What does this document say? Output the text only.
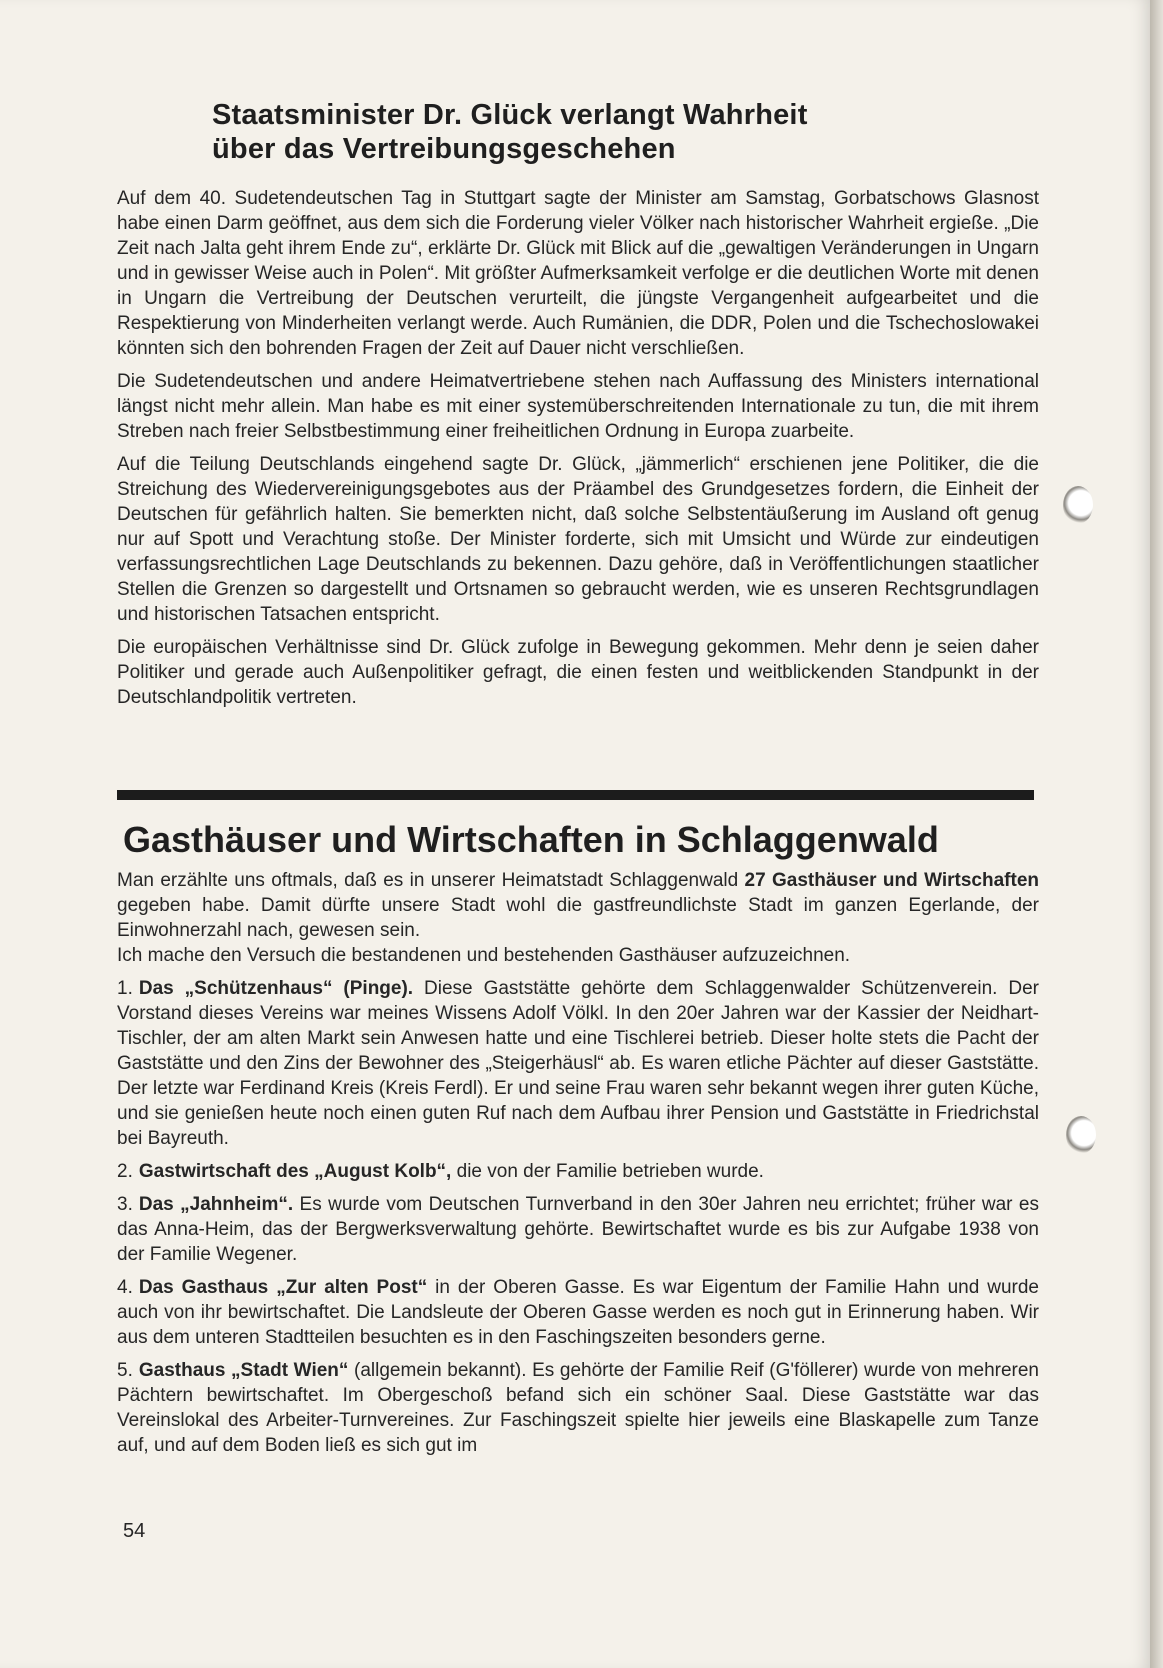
Staatsminister Dr. Glück verlangt Wahrheit
über das Vertreibungsgeschehen

Auf dem 40. Sudetendeutschen Tag in Stuttgart sagte der Minister am Samstag, Gorbatschows Glasnost habe einen Darm geöffnet, aus dem sich die Forderung vieler Völker nach historischer Wahrheit ergieße. „Die Zeit nach Jalta geht ihrem Ende zu“, erklärte Dr. Glück mit Blick auf die „gewaltigen Veränderungen in Ungarn und in gewisser Weise auch in Polen“. Mit größter Aufmerksamkeit verfolge er die deutlichen Worte mit denen in Ungarn die Vertreibung der Deutschen verurteilt, die jüngste Vergangenheit aufgearbeitet und die Respektierung von Minderheiten verlangt werde. Auch Rumänien, die DDR, Polen und die Tschechoslowakei könnten sich den bohrenden Fragen der Zeit auf Dauer nicht verschließen.

Die Sudetendeutschen und andere Heimatvertriebene stehen nach Auffassung des Ministers international längst nicht mehr allein. Man habe es mit einer systemüberschreitenden Internationale zu tun, die mit ihrem Streben nach freier Selbstbestimmung einer freiheitlichen Ordnung in Europa zuarbeite.

Auf die Teilung Deutschlands eingehend sagte Dr. Glück, „jämmerlich“ erschienen jene Politiker, die die Streichung des Wiedervereinigungsgebotes aus der Präambel des Grundgesetzes fordern, die Einheit der Deutschen für gefährlich halten. Sie bemerkten nicht, daß solche Selbstentäußerung im Ausland oft genug nur auf Spott und Verachtung stoße. Der Minister forderte, sich mit Umsicht und Würde zur eindeutigen verfassungsrechtlichen Lage Deutschlands zu bekennen. Dazu gehöre, daß in Veröffentlichungen staatlicher Stellen die Grenzen so dargestellt und Ortsnamen so gebraucht werden, wie es unseren Rechtsgrundlagen und historischen Tatsachen entspricht.

Die europäischen Verhältnisse sind Dr. Glück zufolge in Bewegung gekommen. Mehr denn je seien daher Politiker und gerade auch Außenpolitiker gefragt, die einen festen und weitblickenden Standpunkt in der Deutschlandpolitik vertreten.

Gasthäuser und Wirtschaften in Schlaggenwald

Man erzählte uns oftmals, daß es in unserer Heimatstadt Schlaggenwald 27 Gasthäuser und Wirtschaften gegeben habe. Damit dürfte unsere Stadt wohl die gastfreundlichste Stadt im ganzen Egerlande, der Einwohnerzahl nach, gewesen sein.
Ich mache den Versuch die bestandenen und bestehenden Gasthäuser aufzuzeichnen.

1. Das „Schützenhaus“ (Pinge). Diese Gaststätte gehörte dem Schlaggenwalder Schützenverein. Der Vorstand dieses Vereins war meines Wissens Adolf Völkl. In den 20er Jahren war der Kassier der Neidhart-Tischler, der am alten Markt sein Anwesen hatte und eine Tischlerei betrieb. Dieser holte stets die Pacht der Gaststätte und den Zins der Bewohner des „Steigerhäusl“ ab. Es waren etliche Pächter auf dieser Gaststätte. Der letzte war Ferdinand Kreis (Kreis Ferdl). Er und seine Frau waren sehr bekannt wegen ihrer guten Küche, und sie genießen heute noch einen guten Ruf nach dem Aufbau ihrer Pension und Gaststätte in Friedrichstal bei Bayreuth.

2. Gastwirtschaft des „August Kolb“, die von der Familie betrieben wurde.

3. Das „Jahnheim“. Es wurde vom Deutschen Turnverband in den 30er Jahren neu errichtet; früher war es das Anna-Heim, das der Bergwerksverwaltung gehörte. Bewirtschaftet wurde es bis zur Aufgabe 1938 von der Familie Wegener.

4. Das Gasthaus „Zur alten Post“ in der Oberen Gasse. Es war Eigentum der Familie Hahn und wurde auch von ihr bewirtschaftet. Die Landsleute der Oberen Gasse werden es noch gut in Erinnerung haben. Wir aus dem unteren Stadtteilen besuchten es in den Faschingszeiten besonders gerne.

5. Gasthaus „Stadt Wien“ (allgemein bekannt). Es gehörte der Familie Reif (G'föllerer) wurde von mehreren Pächtern bewirtschaftet. Im Obergeschoß befand sich ein schöner Saal. Diese Gaststätte war das Vereinslokal des Arbeiter-Turnvereines. Zur Faschingszeit spielte hier jeweils eine Blaskapelle zum Tanze auf, und auf dem Boden ließ es sich gut im

54
